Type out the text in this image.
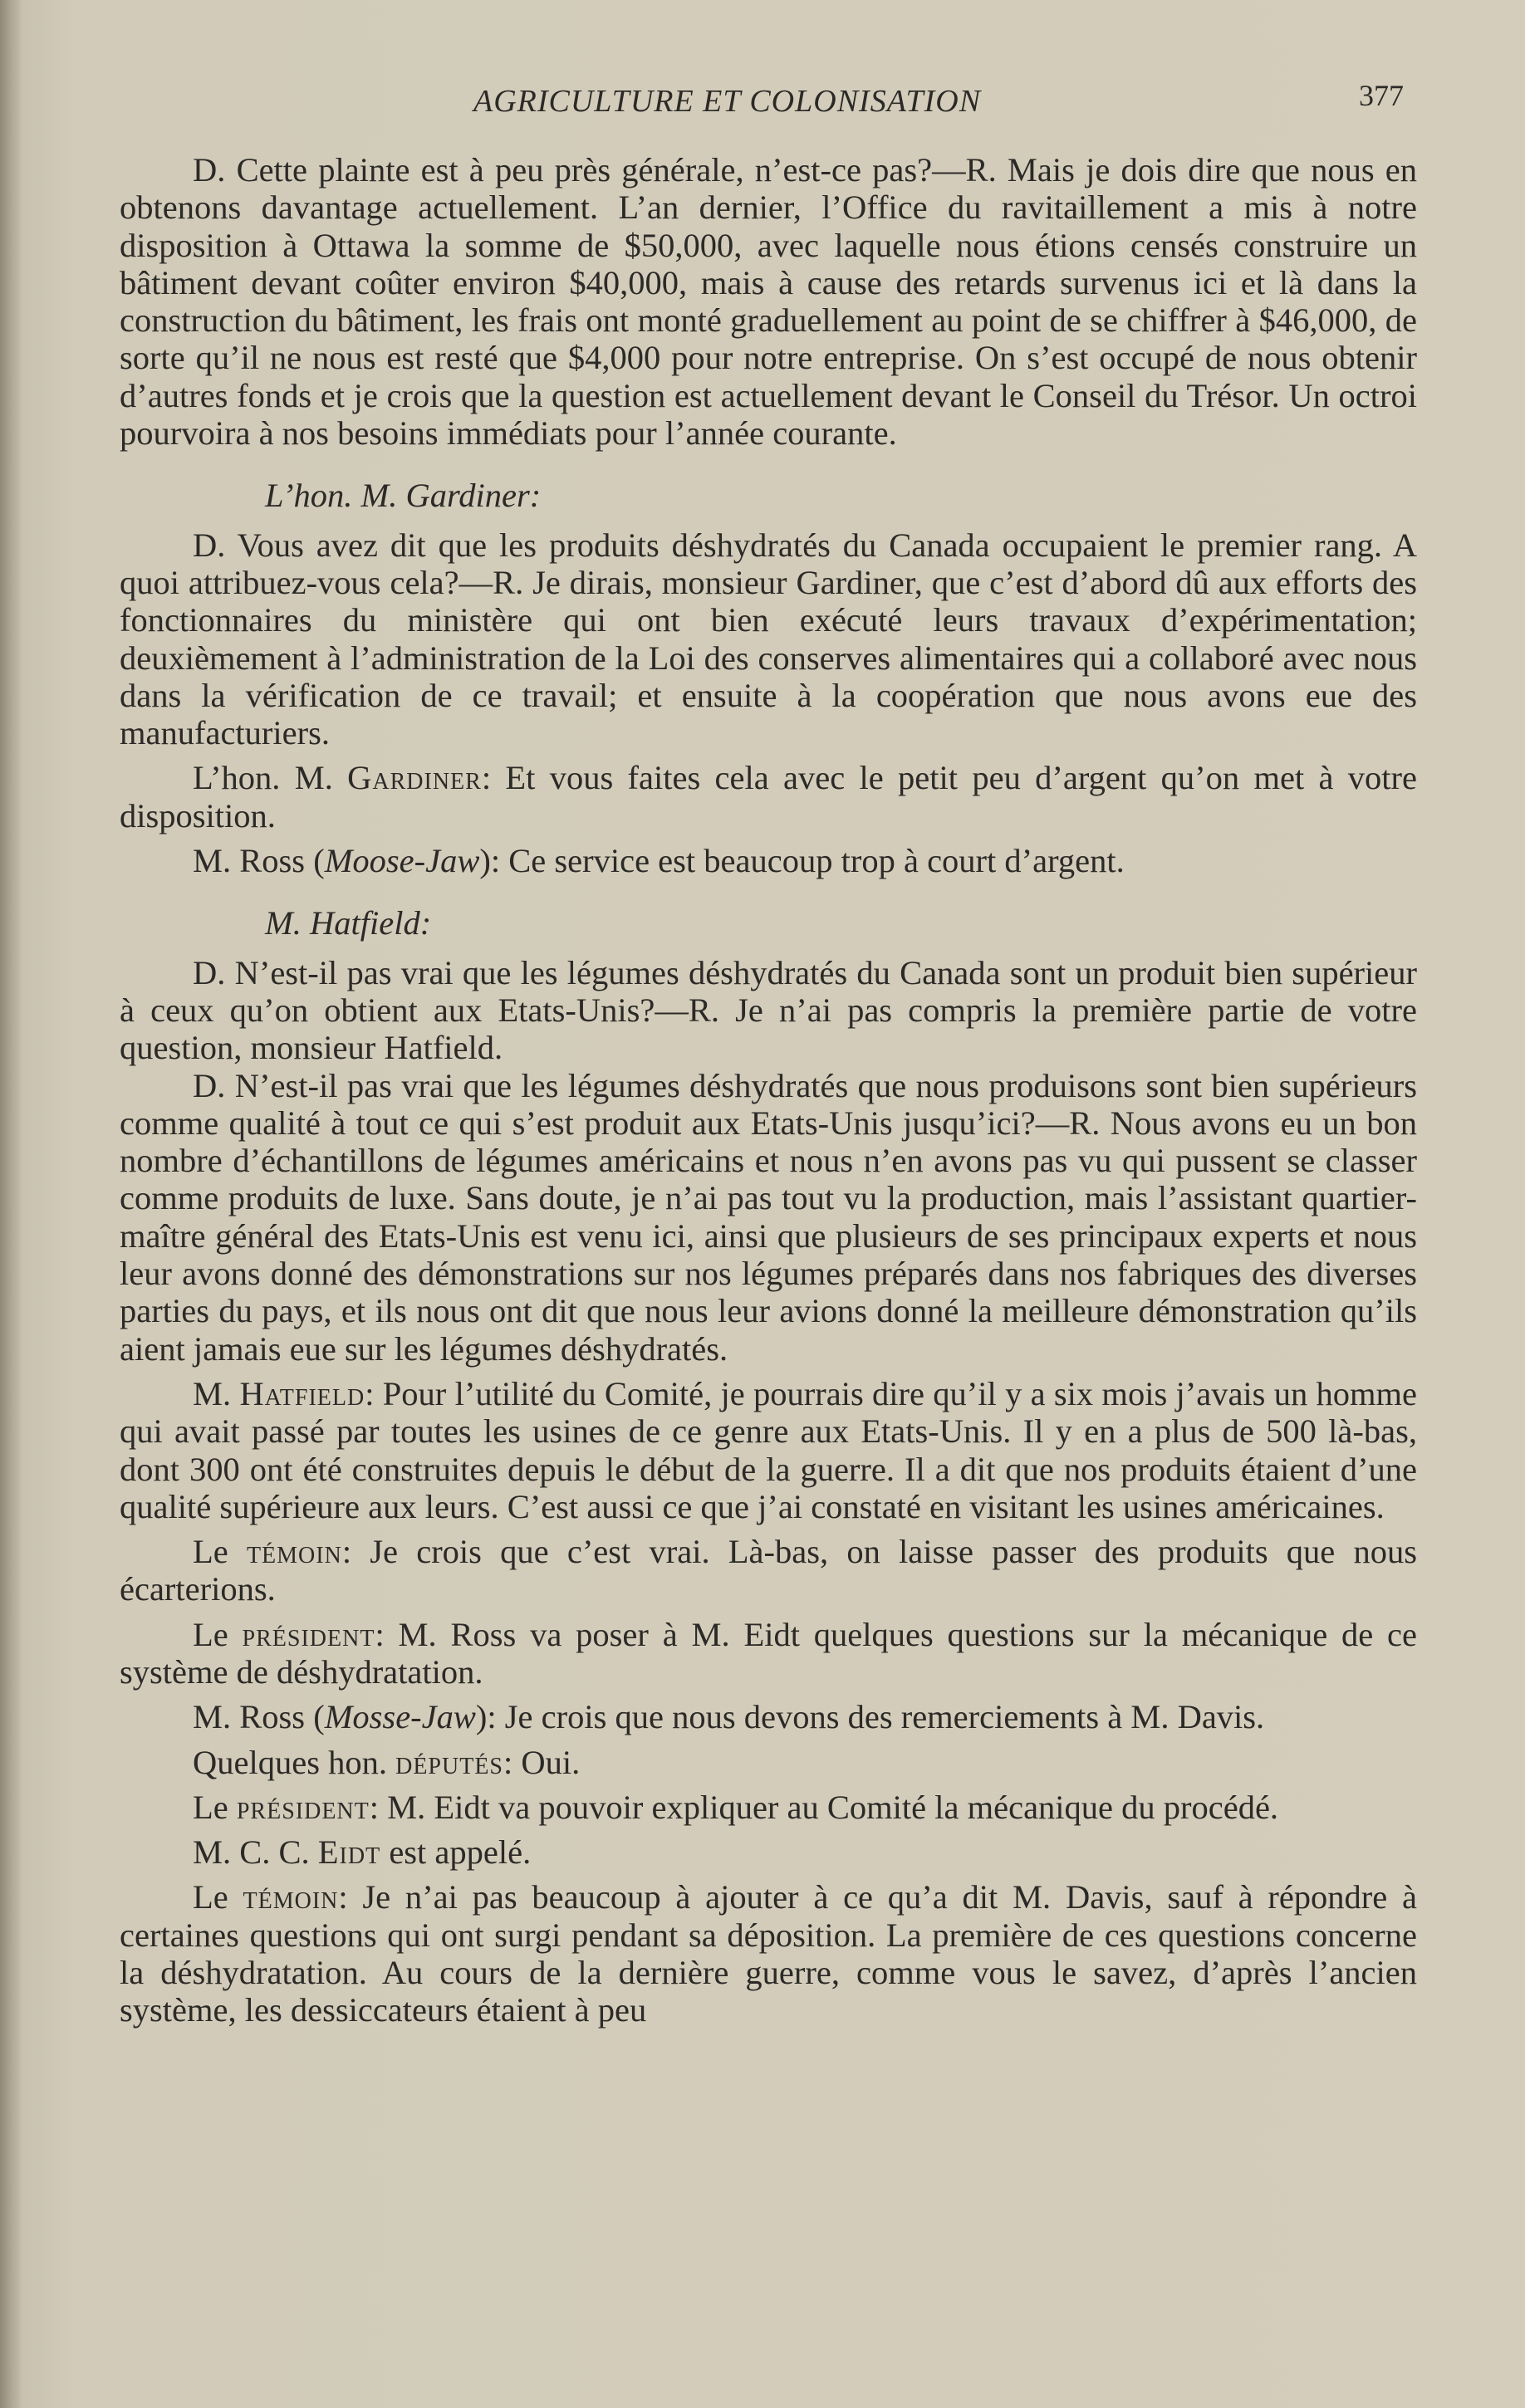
AGRICULTURE ET COLONISATION	377

D. Cette plainte est à peu près générale, n’est-ce pas?—R. Mais je dois dire que nous en obtenons davantage actuellement. L’an dernier, l’Office du ravitaillement a mis à notre disposition à Ottawa la somme de $50,000, avec laquelle nous étions censés construire un bâtiment devant coûter environ $40,000, mais à cause des retards survenus ici et là dans la construction du bâtiment, les frais ont monté graduellement au point de se chiffrer à $46,000, de sorte qu’il ne nous est resté que $4,000 pour notre entreprise. On s’est occupé de nous obtenir d’autres fonds et je crois que la question est actuellement devant le Conseil du Trésor. Un octroi pourvoira à nos besoins immédiats pour l’année courante.

L’hon. M. Gardiner:

D. Vous avez dit que les produits déshydratés du Canada occupaient le premier rang. A quoi attribuez-vous cela?—R. Je dirais, monsieur Gardiner, que c’est d’abord dû aux efforts des fonctionnaires du ministère qui ont bien exécuté leurs travaux d’expérimentation; deuxièmement à l’administration de la Loi des conserves alimentaires qui a collaboré avec nous dans la vérification de ce travail; et ensuite à la coopération que nous avons eue des manufacturiers.

L’hon. M. Gardiner: Et vous faites cela avec le petit peu d’argent qu’on met à votre disposition.

M. Ross (Moose-Jaw): Ce service est beaucoup trop à court d’argent.

M. Hatfield:

D. N’est-il pas vrai que les légumes déshydratés du Canada sont un produit bien supérieur à ceux qu’on obtient aux Etats-Unis?—R. Je n’ai pas compris la première partie de votre question, monsieur Hatfield.

D. N’est-il pas vrai que les légumes déshydratés que nous produisons sont bien supérieurs comme qualité à tout ce qui s’est produit aux Etats-Unis jusqu’ici?—R. Nous avons eu un bon nombre d’échantillons de légumes américains et nous n’en avons pas vu qui pussent se classer comme produits de luxe. Sans doute, je n’ai pas tout vu la production, mais l’assistant quartier-maître général des Etats-Unis est venu ici, ainsi que plusieurs de ses principaux experts et nous leur avons donné des démonstrations sur nos légumes préparés dans nos fabriques des diverses parties du pays, et ils nous ont dit que nous leur avions donné la meilleure démonstration qu’ils aient jamais eue sur les légumes déshydratés.

M. Hatfield: Pour l’utilité du Comité, je pourrais dire qu’il y a six mois j’avais un homme qui avait passé par toutes les usines de ce genre aux Etats-Unis. Il y en a plus de 500 là-bas, dont 300 ont été construites depuis le début de la guerre. Il a dit que nos produits étaient d’une qualité supérieure aux leurs. C’est aussi ce que j’ai constaté en visitant les usines américaines.

Le témoin: Je crois que c’est vrai. Là-bas, on laisse passer des produits que nous écarterions.

Le président: M. Ross va poser à M. Eidt quelques questions sur la mécanique de ce système de déshydratation.

M. Ross (Mosse-Jaw): Je crois que nous devons des remerciements à M. Davis.

Quelques hon. députés: Oui.

Le président: M. Eidt va pouvoir expliquer au Comité la mécanique du procédé.

M. C. C. Eidt est appelé.

Le témoin: Je n’ai pas beaucoup à ajouter à ce qu’a dit M. Davis, sauf à répondre à certaines questions qui ont surgi pendant sa déposition. La première de ces questions concerne la déshydratation. Au cours de la dernière guerre, comme vous le savez, d’après l’ancien système, les dessiccateurs étaient à peu
